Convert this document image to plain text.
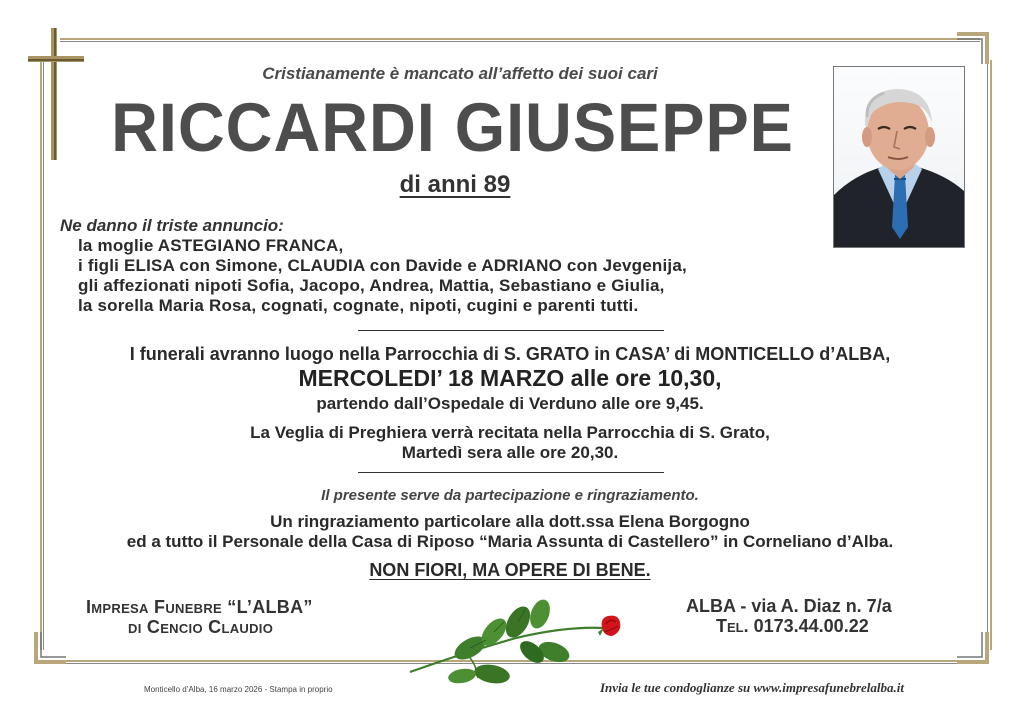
Cristianamente è mancato all’affetto dei suoi cari
RICCARDI GIUSEPPE
di anni 89
Ne danno il triste annuncio:
la moglie ASTEGIANO FRANCA,
i figli ELISA con Simone, CLAUDIA con Davide e ADRIANO con Jevgenija,
gli affezionati nipoti Sofia, Jacopo, Andrea, Mattia, Sebastiano e Giulia,
la sorella Maria Rosa, cognati, cognate, nipoti, cugini e parenti tutti.
I funerali avranno luogo nella Parrocchia di S. GRATO in CASA’ di MONTICELLO d’ALBA,
MERCOLEDI’ 18 MARZO alle ore 10,30,
partendo dall’Ospedale di Verduno alle ore 9,45.
La Veglia di Preghiera verrà recitata nella Parrocchia di S. Grato,
Martedì sera alle ore 20,30.
Il presente serve da partecipazione e ringraziamento.
Un ringraziamento particolare alla dott.ssa Elena Borgogno
ed a tutto il Personale della Casa di Riposo “Maria Assunta di Castellero” in Corneliano d’Alba.
NON FIORI, MA OPERE DI BENE.
Impresa Funebre “L’ALBA”
di Cencio Claudio
ALBA - via A. Diaz n. 7/a
Tel. 0173.44.00.22
Monticello d’Alba, 16 marzo 2026 - Stampa in proprio	Invia le tue condoglianze su www.impresafunebrelalba.it
